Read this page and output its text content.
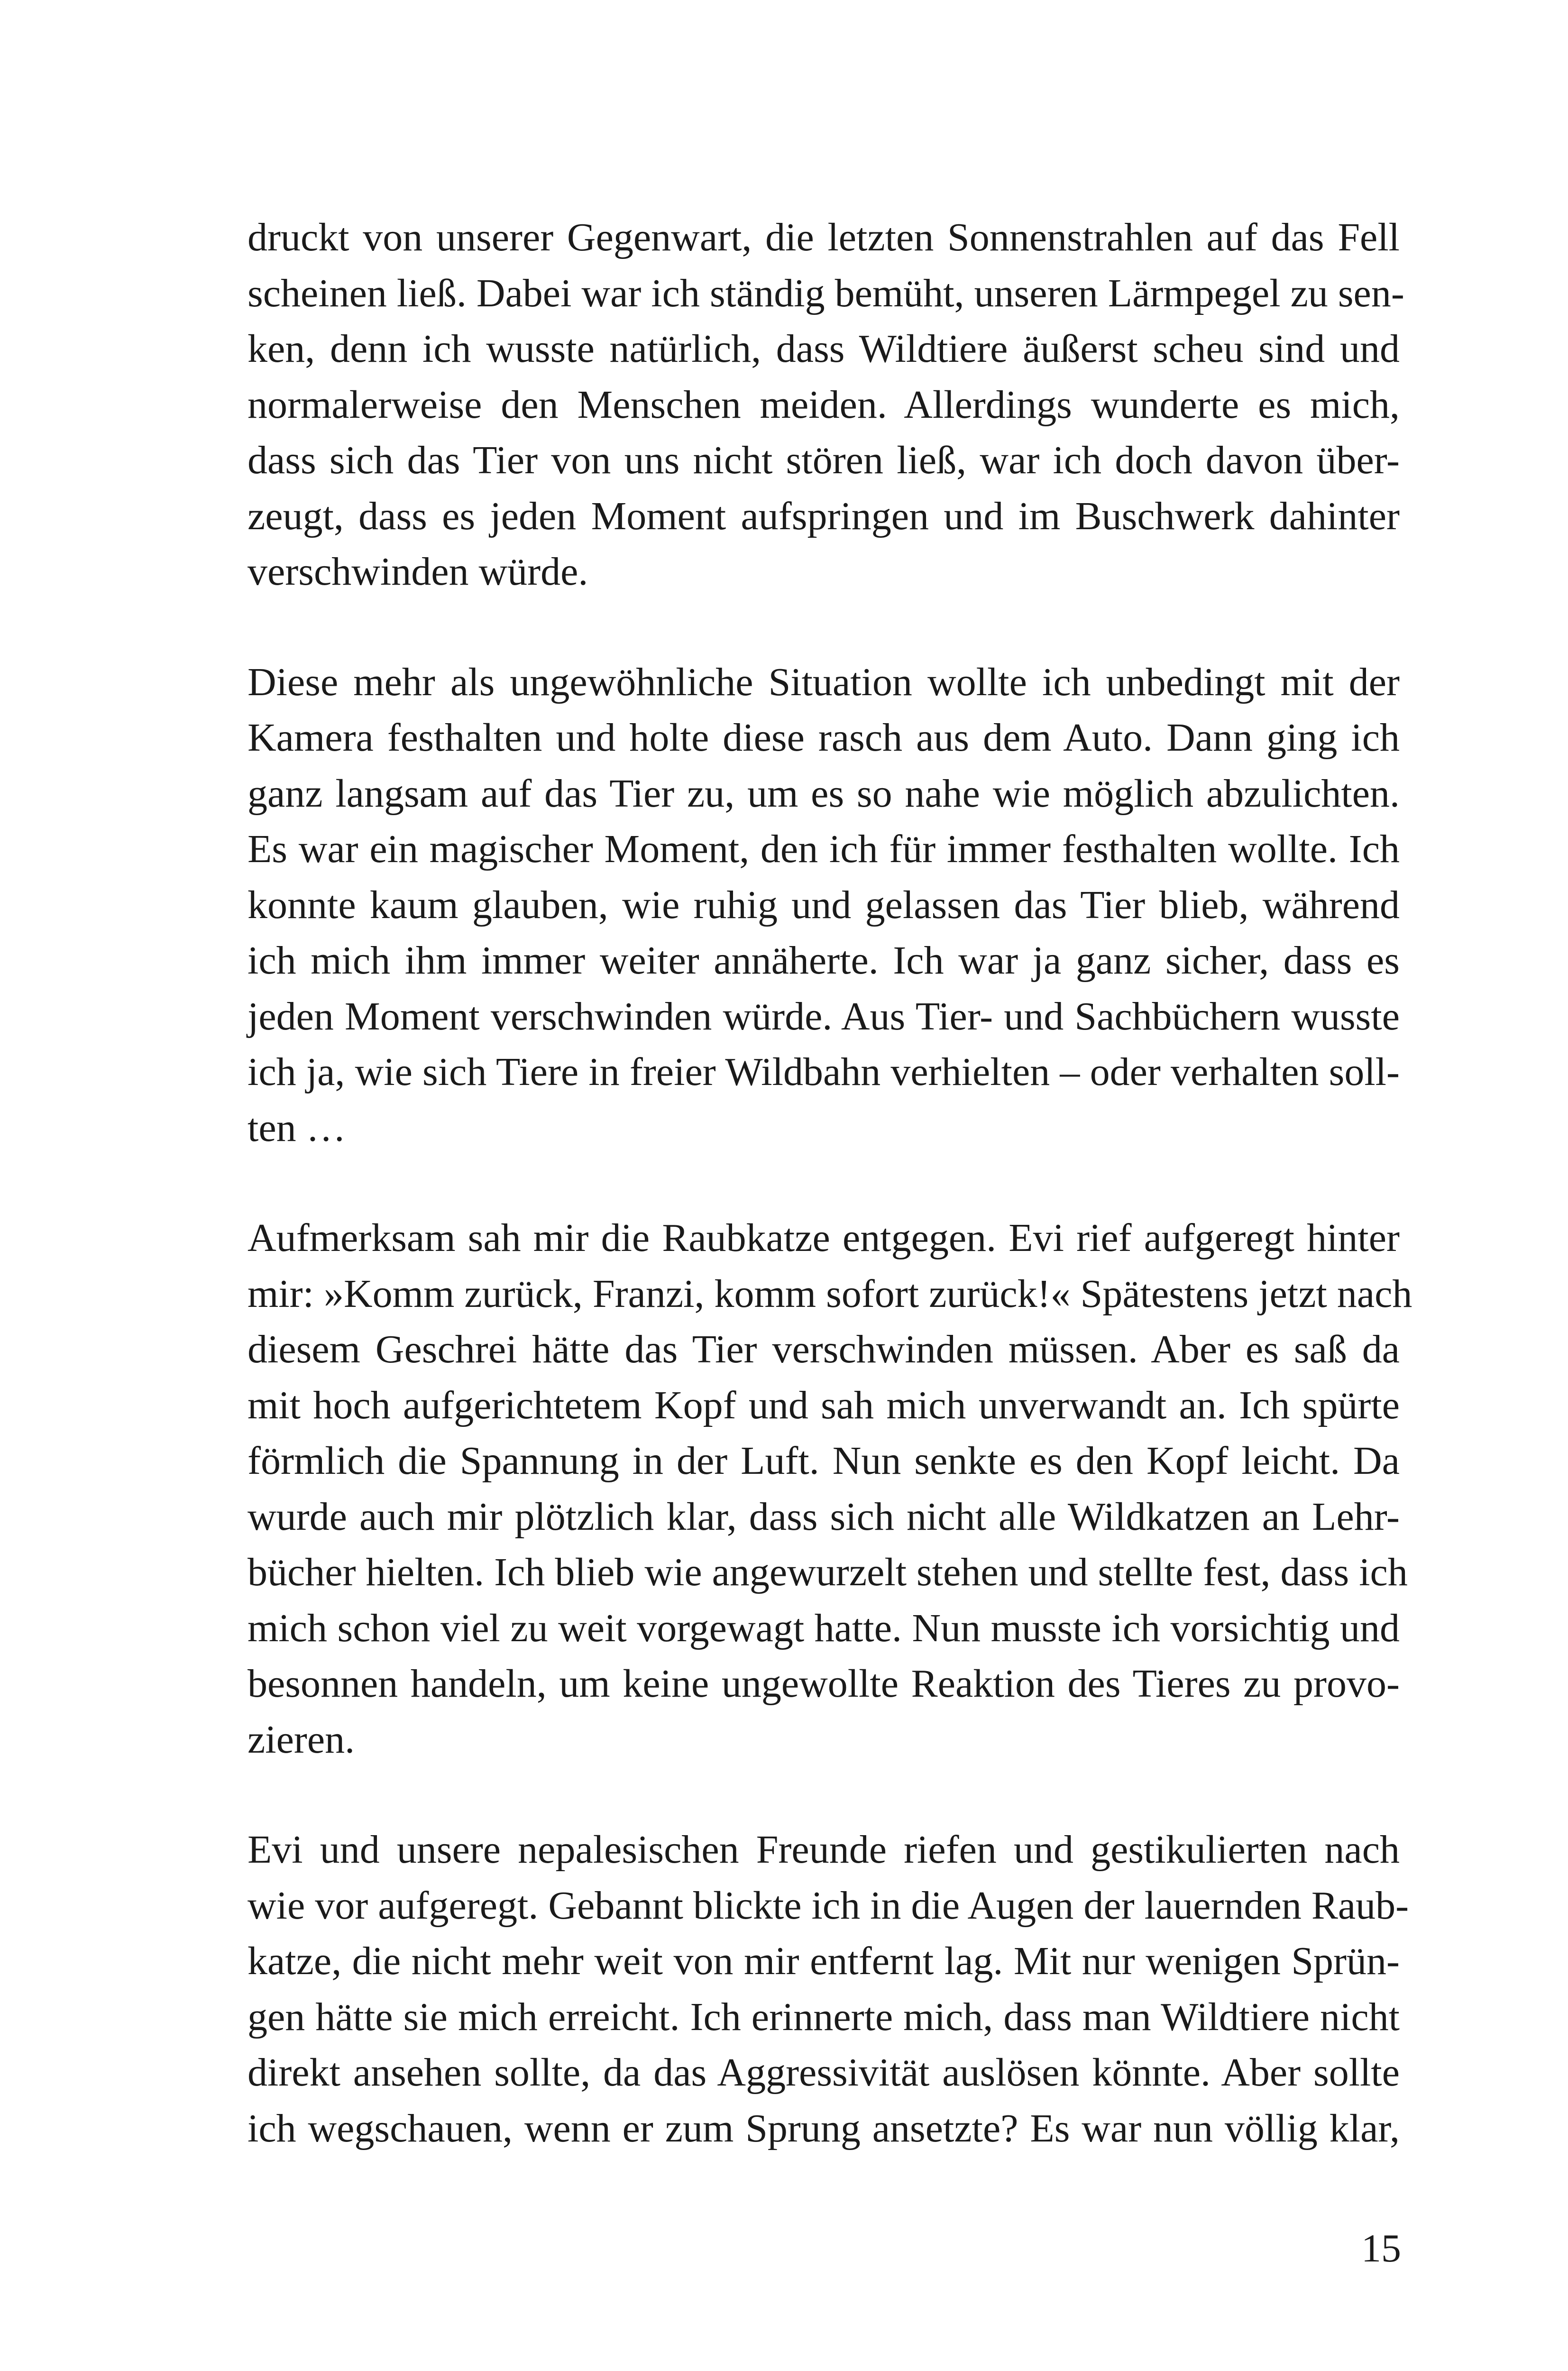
druckt von unserer Gegenwart, die letzten Sonnenstrahlen auf das Fell
scheinen ließ. Dabei war ich ständig bemüht, unseren Lärmpegel zu sen-
ken, denn ich wusste natürlich, dass Wildtiere äußerst scheu sind und
normalerweise den Menschen meiden. Allerdings wunderte es mich,
dass sich das Tier von uns nicht stören ließ, war ich doch davon über-
zeugt, dass es jeden Moment aufspringen und im Buschwerk dahinter
verschwinden würde.
Diese mehr als ungewöhnliche Situation wollte ich unbedingt mit der
Kamera festhalten und holte diese rasch aus dem Auto. Dann ging ich
ganz langsam auf das Tier zu, um es so nahe wie möglich abzulichten.
Es war ein magischer Moment, den ich für immer festhalten wollte. Ich
konnte kaum glauben, wie ruhig und gelassen das Tier blieb, während
ich mich ihm immer weiter annäherte. Ich war ja ganz sicher, dass es
jeden Moment verschwinden würde. Aus Tier- und Sachbüchern wusste
ich ja, wie sich Tiere in freier Wildbahn verhielten – oder verhalten soll-
ten …
Aufmerksam sah mir die Raubkatze entgegen. Evi rief aufgeregt hinter
mir: »Komm zurück, Franzi, komm sofort zurück!« Spätestens jetzt nach
diesem Geschrei hätte das Tier verschwinden müssen. Aber es saß da
mit hoch aufgerichtetem Kopf und sah mich unverwandt an. Ich spürte
förmlich die Spannung in der Luft. Nun senkte es den Kopf leicht. Da
wurde auch mir plötzlich klar, dass sich nicht alle Wildkatzen an Lehr-
bücher hielten. Ich blieb wie angewurzelt stehen und stellte fest, dass ich
mich schon viel zu weit vorgewagt hatte. Nun musste ich vorsichtig und
besonnen handeln, um keine ungewollte Reaktion des Tieres zu provo-
zieren.
Evi und unsere nepalesischen Freunde riefen und gestikulierten nach
wie vor aufgeregt. Gebannt blickte ich in die Augen der lauernden Raub-
katze, die nicht mehr weit von mir entfernt lag. Mit nur wenigen Sprün-
gen hätte sie mich erreicht. Ich erinnerte mich, dass man Wildtiere nicht
direkt ansehen sollte, da das Aggressivität auslösen könnte. Aber sollte
ich wegschauen, wenn er zum Sprung ansetzte? Es war nun völlig klar,
15
